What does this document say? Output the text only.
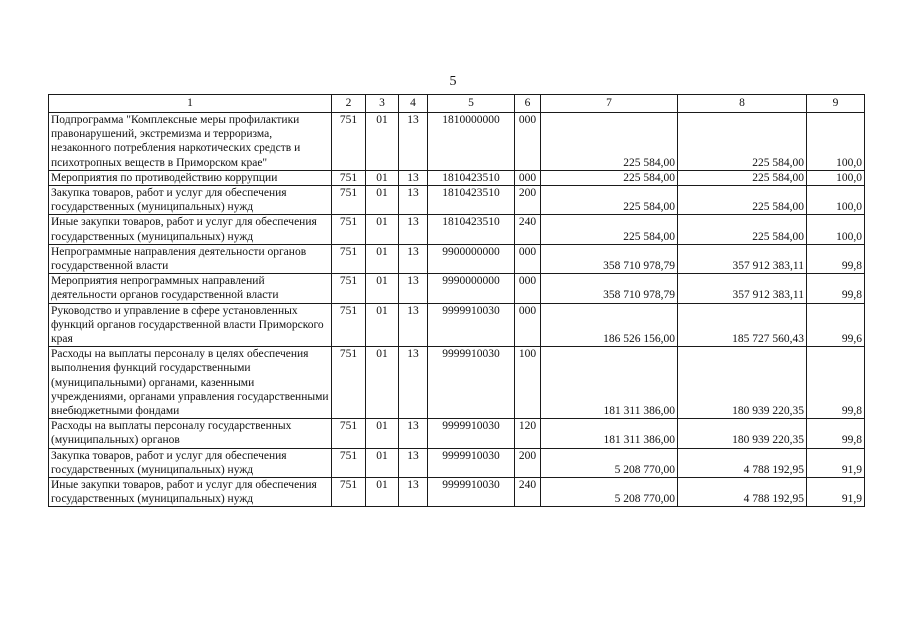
5
1	2	3	4	5	6	7	8	9
Подпрограмма "Комплексные меры профилактики правонарушений, экстремизма и терроризма, незаконного потребления наркотических средств и психотропных веществ в Приморском крае"	751	01	13	1810000000	000	225 584,00	225 584,00	100,0
Мероприятия по противодействию коррупции	751	01	13	1810423510	000	225 584,00	225 584,00	100,0
Закупка товаров, работ и услуг для обеспечения государственных (муниципальных) нужд	751	01	13	1810423510	200	225 584,00	225 584,00	100,0
Иные закупки товаров, работ и услуг для обеспечения государственных (муниципальных) нужд	751	01	13	1810423510	240	225 584,00	225 584,00	100,0
Непрограммные направления деятельности органов государственной власти	751	01	13	9900000000	000	358 710 978,79	357 912 383,11	99,8
Мероприятия непрограммных направлений деятельности органов государственной власти	751	01	13	9990000000	000	358 710 978,79	357 912 383,11	99,8
Руководство и управление в сфере установленных функций органов государственной власти Приморского края	751	01	13	9999910030	000	186 526 156,00	185 727 560,43	99,6
Расходы на выплаты персоналу в целях обеспечения выполнения функций государственными (муниципальными) органами, казенными учреждениями, органами управления государственными внебюджетными фондами	751	01	13	9999910030	100	181 311 386,00	180 939 220,35	99,8
Расходы на выплаты персоналу государственных (муниципальных) органов	751	01	13	9999910030	120	181 311 386,00	180 939 220,35	99,8
Закупка товаров, работ и услуг для обеспечения государственных (муниципальных) нужд	751	01	13	9999910030	200	5 208 770,00	4 788 192,95	91,9
Иные закупки товаров, работ и услуг для обеспечения государственных (муниципальных) нужд	751	01	13	9999910030	240	5 208 770,00	4 788 192,95	91,9
